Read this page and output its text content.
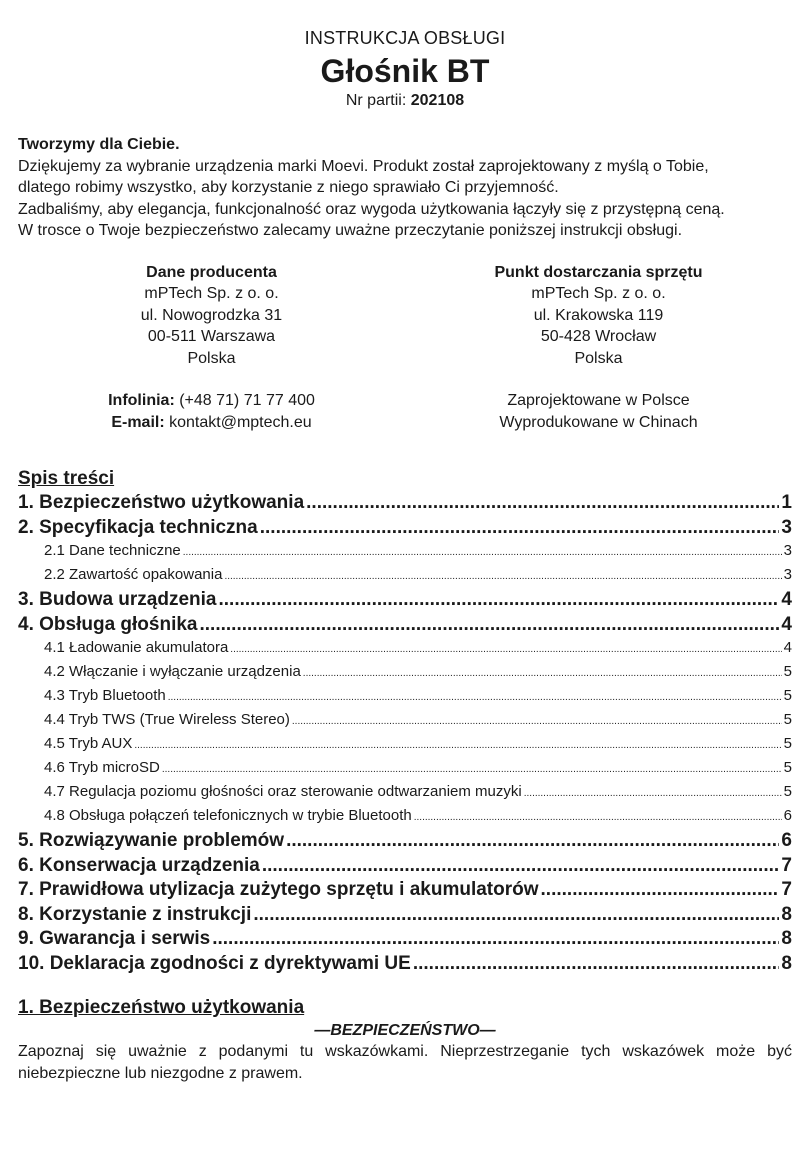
INSTRUKCJA OBSŁUGI
Głośnik BT
Nr partii: 202108
Tworzymy dla Ciebie.
Dziękujemy za wybranie urządzenia marki Moevi. Produkt został zaprojektowany z myślą o Tobie,
dlatego robimy wszystko, aby korzystanie z niego sprawiało Ci przyjemność.
Zadbaliśmy, aby elegancja, funkcjonalność oraz wygoda użytkowania łączyły się z przystępną ceną.
W trosce o Twoje bezpieczeństwo zalecamy uważne przeczytanie poniższej instrukcji obsługi.
Dane producenta
mPTech Sp. z o. o.
ul. Nowogrodzka 31
00-511 Warszawa
Polska
Infolinia: (+48 71) 71 77 400
E-mail: kontakt@mptech.eu
Punkt dostarczania sprzętu
mPTech Sp. z o. o.
ul. Krakowska 119
50-428 Wrocław
Polska
Zaprojektowane w Polsce
Wyprodukowane w Chinach
Spis treści
1. Bezpieczeństwo użytkowania .....	1
2. Specyfikacja techniczna .....	3
2.1 Dane techniczne .....	3
2.2 Zawartość opakowania .....	3
3. Budowa urządzenia .....	4
4. Obsługa głośnika .....	4
4.1 Ładowanie akumulatora .....	4
4.2 Włączanie i wyłączanie urządzenia .....	5
4.3 Tryb Bluetooth .....	5
4.4 Tryb TWS (True Wireless Stereo) .....	5
4.5 Tryb AUX .....	5
4.6 Tryb microSD .....	5
4.7 Regulacja poziomu głośności oraz sterowanie odtwarzaniem muzyki .....	5
4.8 Obsługa połączeń telefonicznych w trybie Bluetooth .....	6
5. Rozwiązywanie problemów .....	6
6. Konserwacja urządzenia .....	7
7. Prawidłowa utylizacja zużytego sprzętu i akumulatorów .....	7
8. Korzystanie z instrukcji .....	8
9. Gwarancja i serwis .....	8
10. Deklaracja zgodności z dyrektywami UE .....	8
1. Bezpieczeństwo użytkowania
—BEZPIECZEŃSTWO—
Zapoznaj się uważnie z podanymi tu wskazówkami. Nieprzestrzeganie tych wskazówek może być niebezpieczne lub niezgodne z prawem.
